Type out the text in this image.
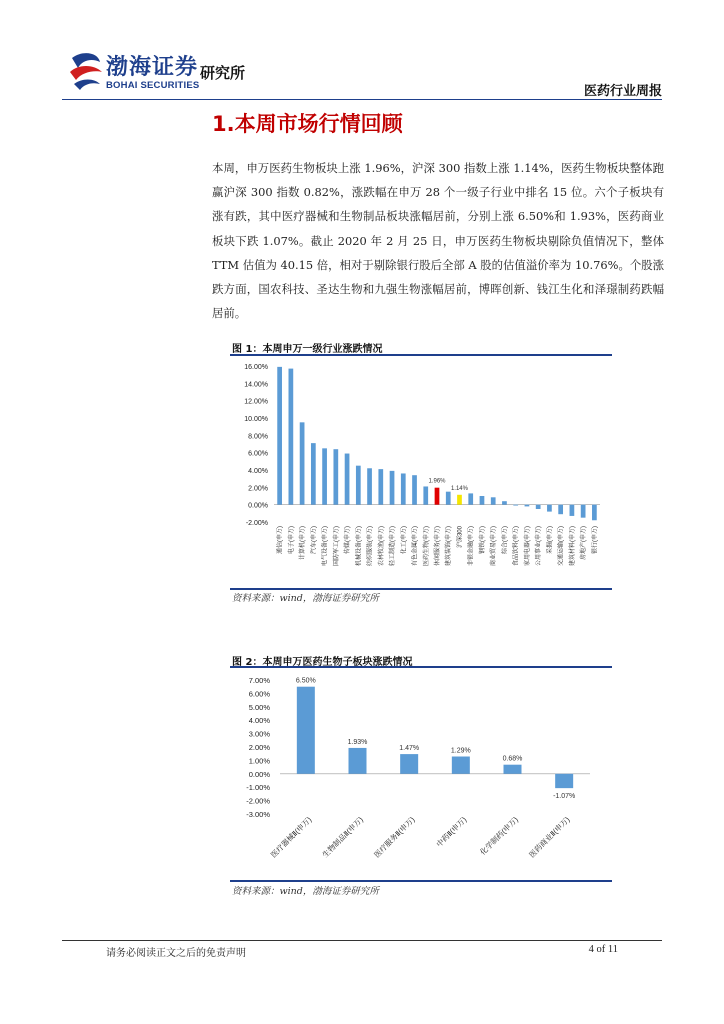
渤海证券
BOHAI SECURITIES
研究所
医药行业周报
1.本周市场行情回顾

本周，申万医药生物板块上涨 1.96%，沪深 300 指数上涨 1.14%，医药生物板块整体跑赢沪深 300 指数 0.82%，涨跌幅在申万 28 个一级子行业中排名 15 位。六个子板块有涨有跌，其中医疗器械和生物制品板块涨幅居前，分别上涨 6.50%和 1.93%，医药商业板块下跌 1.07%。截止 2020 年 2 月 25 日，申万医药生物板块剔除负值情况下，整体 TTM 估值为 40.15 倍，相对于剔除银行股后全部 A 股的估值溢价率为 10.76%。个股涨跌方面，国农科技、圣达生物和九强生物涨幅居前，博晖创新、钱江生化和泽璟制药跌幅居前。

图 1：本周申万一级行业涨跌情况
-2.00%
0.00%
2.00%
4.00%
6.00%
8.00%
10.00%
12.00%
14.00%
16.00%
通信(申万) 电子(申万) 计算机(申万) 汽车(申万) 电气设备(申万) 国防军工(申万) 传媒(申万) 机械设备(申万) 纺织服装(申万) 农林牧渔(申万) 轻工制造(申万) 化工(申万) 有色金属(申万) 医药生物(申万)
1.96%
休闲服务(申万) 建筑装饰(申万)
1.14%
沪深300 非银金融(申万) 钢铁(申万) 商业贸易(申万) 综合(申万) 食品饮料(申万) 家用电器(申万) 公用事业(申万) 采掘(申万) 交通运输(申万) 建筑材料(申万) 房地产(申万) 银行(申万)
资料来源：wind，渤海证券研究所
图 2：本周申万医药生物子板块涨跌情况
-3.00%
-2.00%
-1.00%
0.00%
1.00%
2.00%
3.00%
4.00%
5.00%
6.00%
7.00%	6.50%
医疗器械Ⅱ(申万)
1.93%
生物制品Ⅱ(申万)
1.47%
医疗服务Ⅱ(申万)
1.29%
中药Ⅱ(申万)
0.68%
化学制药(申万)
-1.07%
医药商业Ⅱ(申万)
资料来源：wind，渤海证券研究所
请务必阅读正文之后的免责声明	4 of 11
